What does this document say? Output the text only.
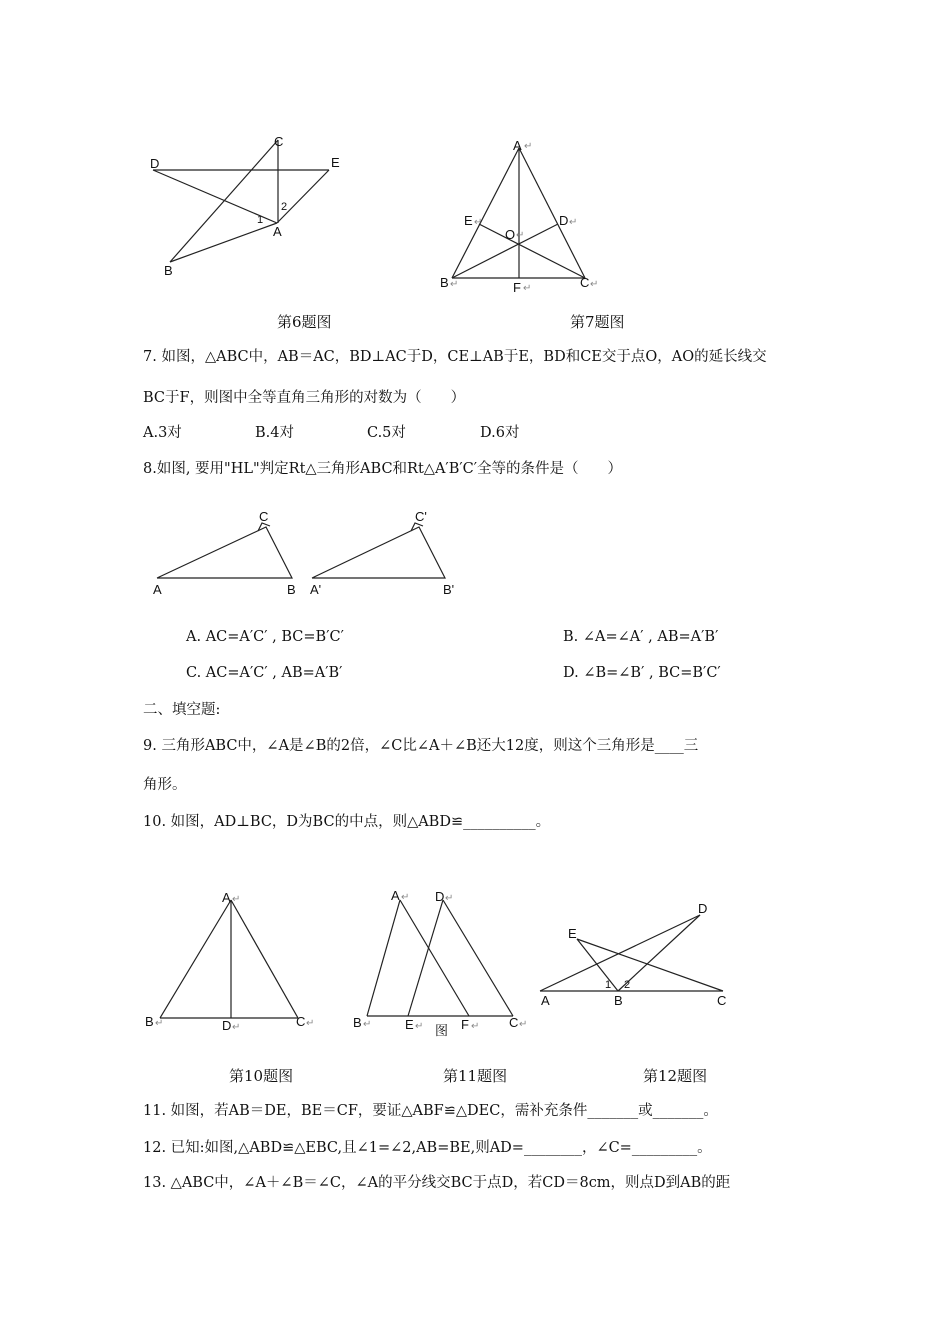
C
D	E
A
B
1
2
A ↵
E ↵	D ↵
O ↵
B ↵	F ↵	C ↵
第6题图	第7题图
7. 如图，△ABC中，AB＝AC，BD⊥AC于D，CE⊥AB于E，BD和CE交于点O，AO的延长线交
BC于F，则图中全等直角三角形的对数为（　　）
A.3对	B.4对	C.5对	D.6对
8.如图, 要用"HL"判定Rt△三角形ABC和Rt△A′B′C′全等的条件是（　　）
C
A	B
C'
A'	B'
A. AC=A′C′ , BC=B′C′	B. ∠A=∠A′ , AB=A′B′
C. AC=A′C′ , AB=A′B′	D. ∠B=∠B′ , BC=B′C′
二、填空题:
9. 三角形ABC中，∠A是∠B的2倍，∠C比∠A＋∠B还大12度，则这个三角形是____三
角形。
10. 如图，AD⊥BC，D为BC的中点，则△ABD≌__________。
A ↵
B ↵	D ↵	C ↵
A ↵ D ↵
B ↵	E ↵ 图 F ↵ C ↵
D
E
A	B	C
1 2
第10题图	第11题图	第12题图
11. 如图，若AB＝DE，BE＝CF，要证△ABF≌△DEC，需补充条件_______或_______。
12. 已知:如图,△ABD≌△EBC,且∠1=∠2,AB=BE,则AD=________，∠C=_________。
13. △ABC中，∠A＋∠B＝∠C，∠A的平分线交BC于点D，若CD＝8cm，则点D到AB的距
